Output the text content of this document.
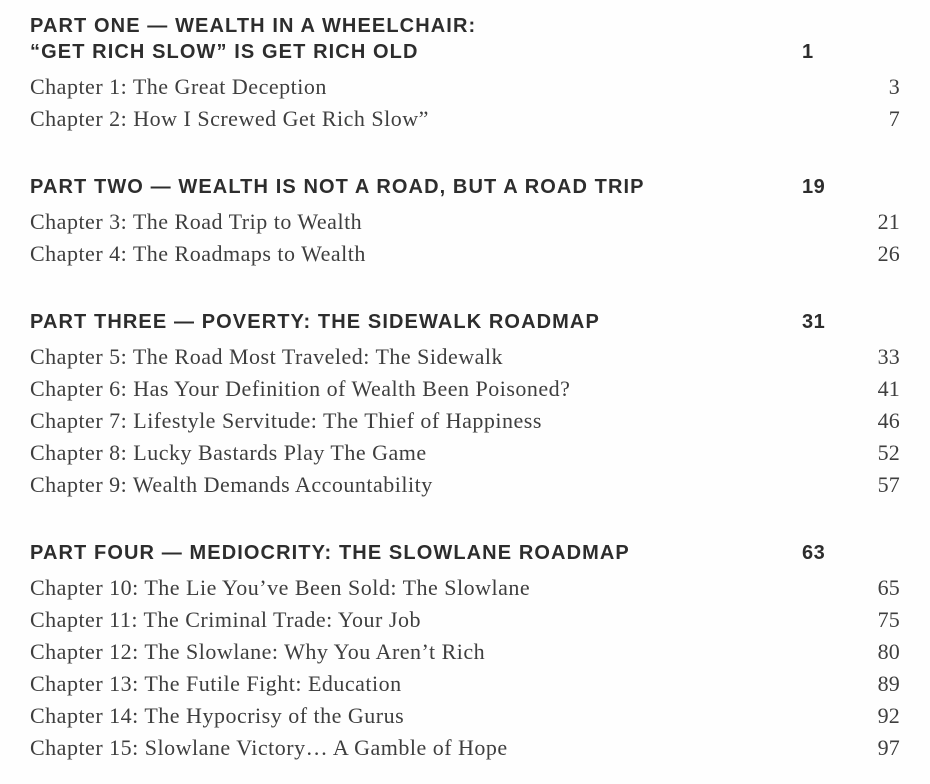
PART ONE — WEALTH IN A WHEELCHAIR:
“GET RICH SLOW” IS GET RICH OLD	1
Chapter 1: The Great Deception	3
Chapter 2: How I Screwed Get Rich Slow”	7
PART TWO — WEALTH IS NOT A ROAD, BUT A ROAD TRIP	19
Chapter 3: The Road Trip to Wealth	21
Chapter 4: The Roadmaps to Wealth	26
PART THREE — POVERTY: THE SIDEWALK ROADMAP	31
Chapter 5: The Road Most Traveled: The Sidewalk	33
Chapter 6: Has Your Definition of Wealth Been Poisoned?	41
Chapter 7: Lifestyle Servitude: The Thief of Happiness	46
Chapter 8: Lucky Bastards Play The Game	52
Chapter 9: Wealth Demands Accountability	57
PART FOUR — MEDIOCRITY: THE SLOWLANE ROADMAP	63
Chapter 10: The Lie You’ve Been Sold: The Slowlane	65
Chapter 11: The Criminal Trade: Your Job	75
Chapter 12: The Slowlane: Why You Aren’t Rich	80
Chapter 13: The Futile Fight: Education	89
Chapter 14: The Hypocrisy of the Gurus	92
Chapter 15: Slowlane Victory… A Gamble of Hope	97
